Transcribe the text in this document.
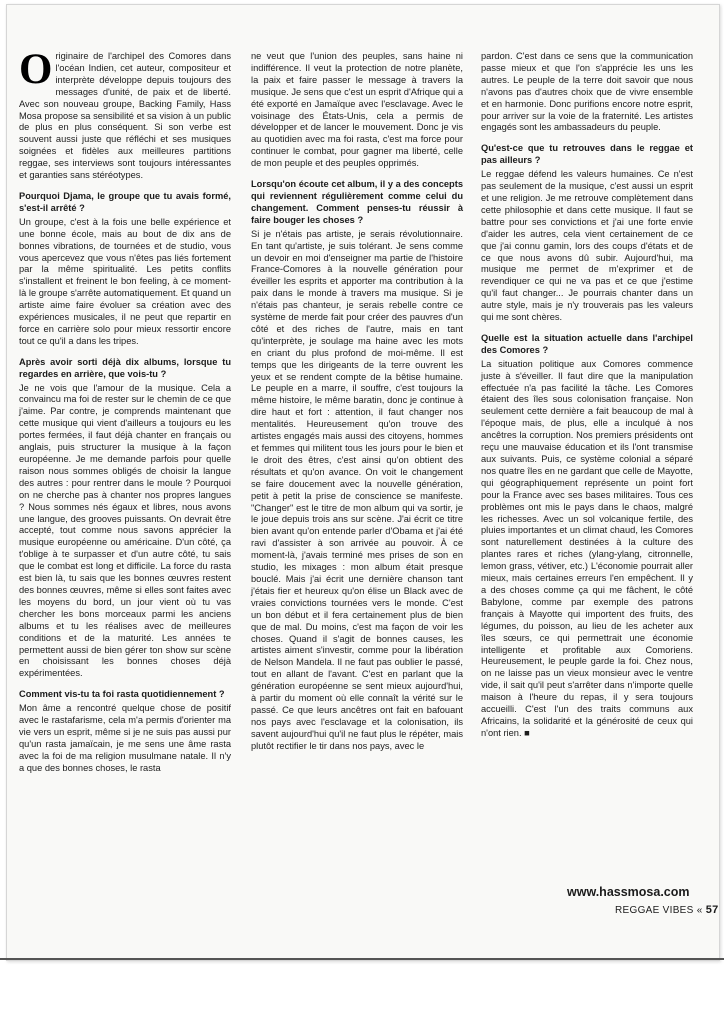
Originaire de l'archipel des Comores dans l'océan Indien, cet auteur, compositeur et interprète développe depuis toujours des messages d'unité, de paix et de liberté. Avec son nouveau groupe, Backing Family, Hass Mosa propose sa sensibilité et sa vision à un public de plus en plus conséquent. Si son verbe est souvent aussi juste que réfléchi et ses musiques soignées et fidèles aux meilleures partitions reggae, ses interviews sont toujours intéressantes et garanties sans stéréotypes.

Pourquoi Djama, le groupe que tu avais formé, s'est-il arrêté ?

Un groupe, c'est à la fois une belle expérience et une bonne école, mais au bout de dix ans de bonnes vibrations, de tournées et de studio, vous vous apercevez que vous n'êtes pas liés fortement par la même spiritualité. Les petits conflits s'installent et freinent le bon feeling, à ce moment-là le groupe s'arrête automatiquement. Et quand un artiste aime faire évoluer sa création avec des expériences musicales, il ne peut que repartir en force en carrière solo pour mieux ressortir encore tout ce qu'il a dans les tripes.

Après avoir sorti déjà dix albums, lorsque tu regardes en arrière, que vois-tu ?

Je ne vois que l'amour de la musique. Cela a convaincu ma foi de rester sur le chemin de ce que j'aime. Par contre, je comprends maintenant que cette musique qui vient d'ailleurs a toujours eu les portes fermées, il faut déjà chanter en français ou anglais, puis structurer la musique à la façon européenne. Je me demande parfois pour quelle raison nous sommes obligés de choisir la langue des autres : pour rentrer dans le moule ? Pourquoi on ne cherche pas à chanter nos propres langues ? Nous sommes nés égaux et libres, nous avons une langue, des grooves puissants. On devrait être accepté, tout comme nous savons apprécier la musique européenne ou américaine. D'un côté, ça t'oblige à te surpasser et d'un autre côté, tu sais que le combat est long et difficile. La force du rasta est bien là, tu sais que les bonnes œuvres restent des bonnes œuvres, même si elles sont faites avec les moyens du bord, un jour vient où tu vas chercher les bons morceaux parmi les anciens albums et tu les réalises avec de meilleures conditions et de la maturité. Les années te permettent aussi de bien gérer ton show sur scène en choisissant les bonnes choses déjà expérimentées.

Comment vis-tu ta foi rasta quotidiennement ?

Mon âme a rencontré quelque chose de positif avec le rastafarisme, cela m'a permis d'orienter ma vie vers un esprit, même si je ne suis pas aussi pur qu'un rasta jamaïcain, je me sens une âme rasta avec la foi de ma religion musulmane natale. Il n'y a que des bonnes choses, le rasta

ne veut que l'union des peuples, sans haine ni indifférence. Il veut la protection de notre planète, la paix et faire passer le message à travers la musique. Je sens que c'est un esprit d'Afrique qui a été exporté en Jamaïque avec l'esclavage. Avec le voisinage des États-Unis, cela a permis de développer et de lancer le mouvement. Donc je vis au quotidien avec ma foi rasta, c'est ma force pour continuer le combat, pour gagner ma liberté, celle de mon peuple et des peuples opprimés.

Lorsqu'on écoute cet album, il y a des concepts qui reviennent régulièrement comme celui du changement. Comment penses-tu réussir à faire bouger les choses ?

Si je n'étais pas artiste, je serais révolutionnaire. En tant qu'artiste, je suis tolérant. Je sens comme un devoir en moi d'enseigner ma partie de l'histoire France-Comores à la nouvelle génération pour éveiller les esprits et apporter ma contribution à la paix dans le monde à travers ma musique. Si je n'étais pas chanteur, je serais rebelle contre ce système de merde fait pour créer des pauvres d'un côté et des riches de l'autre, mais en tant qu'interprète, je soulage ma haine avec les mots en criant du plus profond de moi-même. Il est temps que les dirigeants de la terre ouvrent les yeux et se rendent compte de la bêtise humaine. Le peuple en a marre, il souffre, c'est toujours la même histoire, le même baratin, donc je continue à dire haut et fort : attention, il faut changer nos mentalités. Heureusement qu'on trouve des artistes engagés mais aussi des citoyens, hommes et femmes qui militent tous les jours pour le bien et le droit des êtres, c'est ainsi qu'on obtient des résultats et qu'on avance. On voit le changement se faire doucement avec la nouvelle génération, petit à petit la prise de conscience se manifeste. "Changer" est le titre de mon album qui va sortir, je le joue depuis trois ans sur scène. J'ai écrit ce titre bien avant qu'on entende parler d'Obama et j'ai été ravi d'assister à son arrivée au pouvoir. À ce moment-là, j'avais terminé mes prises de son en studio, les mixages : mon album était presque bouclé. Mais j'ai écrit une dernière chanson tant j'étais fier et heureux qu'on élise un Black avec de vraies convictions tournées vers le monde. C'est un bon début et il fera certainement plus de bien que de mal. Du moins, c'est ma façon de voir les choses. Quand il s'agit de bonnes causes, les artistes aiment s'investir, comme pour la libération de Nelson Mandela. Il ne faut pas oublier le passé, tout en allant de l'avant. C'est en parlant que la génération européenne se sent mieux aujourd'hui, à partir du moment où elle connaît la vérité sur le passé. Ce que leurs ancêtres ont fait en bafouant nos pays avec l'esclavage et la colonisation, ils savent aujourd'hui qu'il ne faut plus le répéter, mais plutôt rectifier le tir dans nos pays, avec le

pardon. C'est dans ce sens que la communication passe mieux et que l'on s'apprécie les uns les autres. Le peuple de la terre doit savoir que nous n'avons pas d'autres choix que de vivre ensemble et en harmonie. Donc purifions encore notre esprit, pour arriver sur la voie de la fraternité. Les artistes engagés sont les ambassadeurs du peuple.

Qu'est-ce que tu retrouves dans le reggae et pas ailleurs ?

Le reggae défend les valeurs humaines. Ce n'est pas seulement de la musique, c'est aussi un esprit et une religion. Je me retrouve complètement dans cette philosophie et dans cette musique. Il faut se battre pour ses convictions et j'ai une forte envie d'aider les autres, cela vient certainement de ce que j'ai connu gamin, lors des coups d'états et de ce que nous avons dû subir. Aujourd'hui, ma musique me permet de m'exprimer et de revendiquer ce qui ne va pas et ce que j'estime qu'il faut changer... Je pourrais chanter dans un autre style, mais je n'y trouverais pas les valeurs qui me sont chères.

Quelle est la situation actuelle dans l'archipel des Comores ?

La situation politique aux Comores commence juste à s'éveiller. Il faut dire que la manipulation effectuée n'a pas facilité la tâche. Les Comores étaient des îles sous colonisation française. Non seulement cette dernière a fait beaucoup de mal à l'époque mais, de plus, elle a inculqué à nos ancêtres la corruption. Nos premiers présidents ont reçu une mauvaise éducation et ils l'ont transmise aux suivants. Puis, ce système colonial a séparé nos quatre îles en ne gardant que celle de Mayotte, qui géographiquement représente un point fort pour la France avec ses bases militaires. Tous ces problèmes ont mis le pays dans le chaos, malgré les richesses. Avec un sol volcanique fertile, des pluies importantes et un climat chaud, les Comores sont naturellement destinées à la culture des plantes rares et riches (ylang-ylang, citronnelle, lemon grass, vétiver, etc.) L'économie pourrait aller mieux, mais certaines erreurs l'en empêchent. Il y a des choses comme ça qui me fâchent, le côté Babylone, comme par exemple des patrons français à Mayotte qui importent des fruits, des légumes, du poisson, au lieu de les acheter aux îles sœurs, ce qui permettrait une économie intelligente et profitable aux Comoriens. Heureusement, le peuple garde la foi. Chez nous, on ne laisse pas un vieux monsieur avec le ventre vide, il sait qu'il peut s'arrêter dans n'importe quelle maison à l'heure du repas, il y sera toujours accueilli. C'est l'un des traits communs aux Africains, la solidarité et la générosité de ceux qui n'ont rien. ■

www.hassmosa.com
REGGAE VIBES « 57
